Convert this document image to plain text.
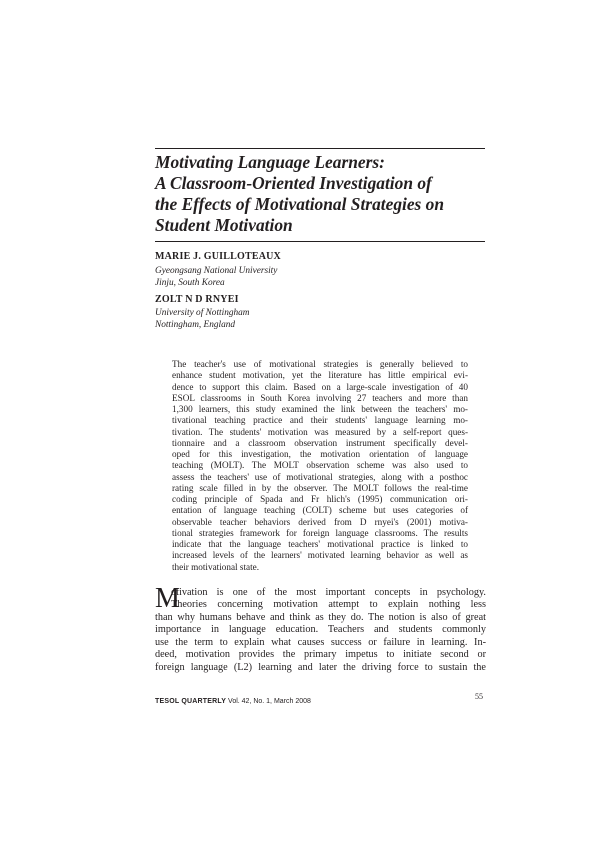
Motivating Language Learners:
A Classroom-Oriented Investigation of
the Effects of Motivational Strategies on
Student Motivation
MARIE J. GUILLOTEAUX
Gyeongsang National University
Jinju, South Korea
ZOLT N D RNYEI
University of Nottingham
Nottingham, England

The teacher's use of motivational strategies is generally believed to
enhance student motivation, yet the literature has little empirical evi-
dence to support this claim. Based on a large-scale investigation of 40
ESOL classrooms in South Korea involving 27 teachers and more than
1,300 learners, this study examined the link between the teachers' mo-
tivational teaching practice and their students' language learning mo-
tivation. The students' motivation was measured by a self-report ques-
tionnaire and a classroom observation instrument specifically devel-
oped for this investigation, the motivation orientation of language
teaching (MOLT). The MOLT observation scheme was also used to
assess the teachers' use of motivational strategies, along with a posthoc
rating scale filled in by the observer. The MOLT follows the real-time
coding principle of Spada and Fr hlich's (1995) communication ori-
entation of language teaching (COLT) scheme but uses categories of
observable teacher behaviors derived from D rnyei's (2001) motiva-
tional strategies framework for foreign language classrooms. The results
indicate that the language teachers' motivational practice is linked to
increased levels of the learners' motivated learning behavior as well as
their motivational state.

M

otivation is one of the most important concepts in psychology.
Theories concerning motivation attempt to explain nothing less
than why humans behave and think as they do. The notion is also of great
importance in language education. Teachers and students commonly
use the term to explain what causes success or failure in learning. In-
deed, motivation provides the primary impetus to initiate second or
foreign language (L2) learning and later the driving force to sustain the

TESOL QUARTERLY Vol. 42, No. 1, March 2008
55
